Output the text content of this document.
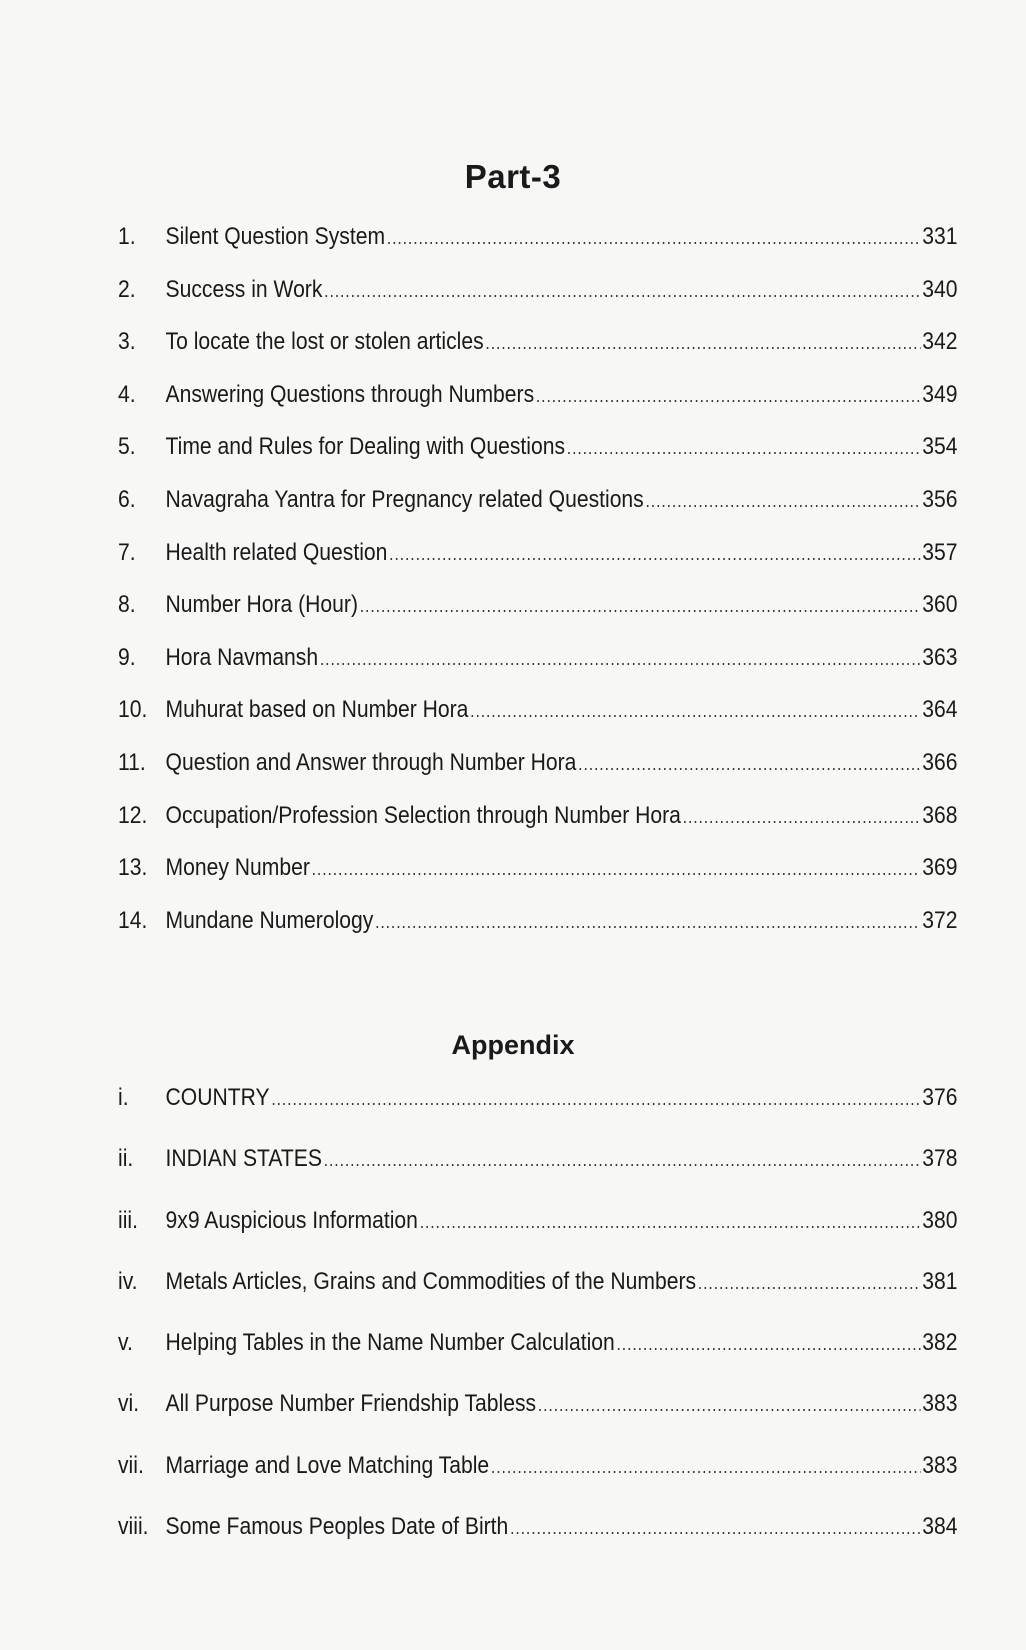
Part-3
1.	Silent Question System .....	331
2.	Success in Work .....	340
3.	To locate the lost or stolen articles .....	342
4.	Answering Questions through Numbers .....	349
5.	Time and Rules for Dealing with Questions .....	354
6.	Navagraha Yantra for Pregnancy related Questions .....	356
7.	Health related Question .....	357
8.	Number Hora (Hour) .....	360
9.	Hora Navmansh .....	363
10. Muhurat based on Number Hora .....	364
11. Question and Answer through Number Hora .....	366
12. Occupation/Profession Selection through Number Hora .....	368
13. Money Number .....	369
14. Mundane Numerology .....	372
Appendix
i.	COUNTRY .....	376
ii.	INDIAN STATES .....	378
iii.	9x9 Auspicious Information .....	380
iv.	Metals Articles, Grains and Commodities of the Numbers .....	381
v.	Helping Tables in the Name Number Calculation .....	382
vi.	All Purpose Number Friendship Tabless .....	383
vii. Marriage and Love Matching Table .....	383
viii. Some Famous Peoples Date of Birth .....	384
